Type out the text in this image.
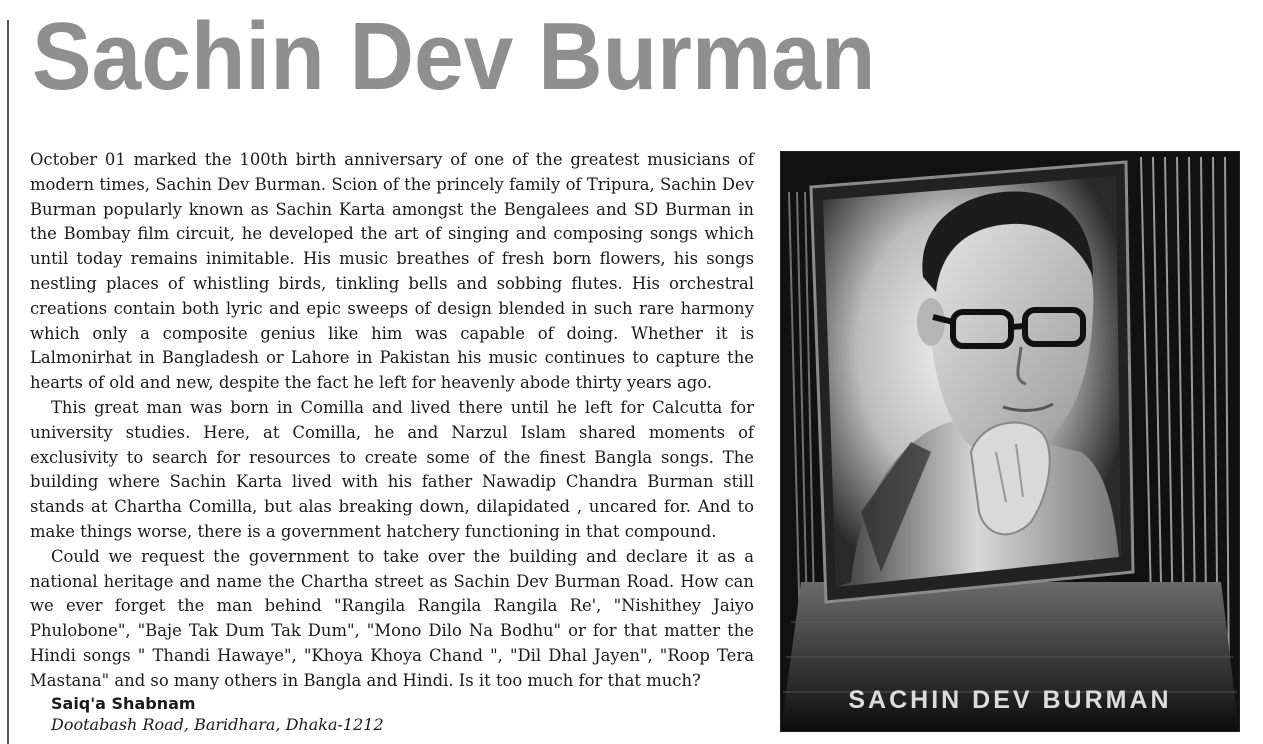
Sachin Dev Burman

October 01 marked the 100th birth anniversary of one of the greatest musicians of modern times, Sachin Dev Burman. Scion of the princely family of Tripura, Sachin Dev Burman popularly known as Sachin Karta amongst the Bengalees and SD Burman in the Bombay film circuit, he developed the art of singing and composing songs which until today remains inimitable. His music breathes of fresh born flowers, his songs nestling places of whistling birds, tinkling bells and sobbing flutes. His orchestral creations contain both lyric and epic sweeps of design blended in such rare harmony which only a composite genius like him was capable of doing. Whether it is Lalmonirhat in Bangladesh or Lahore in Pakistan his music continues to capture the hearts of old and new, despite the fact he left for heavenly abode thirty years ago.

This great man was born in Comilla and lived there until he left for Calcutta for university studies. Here, at Comilla, he and Narzul Islam shared moments of exclusivity to search for resources to create some of the finest Bangla songs. The building where Sachin Karta lived with his father Nawadip Chandra Burman still stands at Chartha Comilla, but alas breaking down, dilapidated , uncared for. And to make things worse, there is a government hatchery functioning in that compound.

Could we request the government to take over the building and declare it as a national heritage and name the Chartha street as Sachin Dev Burman Road. How can we ever forget the man behind "Rangila Rangila Rangila Re', "Nishithey Jaiyo Phulobone", "Baje Tak Dum Tak Dum", "Mono Dilo Na Bodhu" or for that matter the Hindi songs " Thandi Hawaye", "Khoya Khoya Chand ", "Dil Dhal Jayen", "Roop Tera Mastana" and so many others in Bangla and Hindi. Is it too much for that much?

Saiq'a Shabnam

Dootabash Road, Baridhara, Dhaka-1212

SACHIN DEV BURMAN
